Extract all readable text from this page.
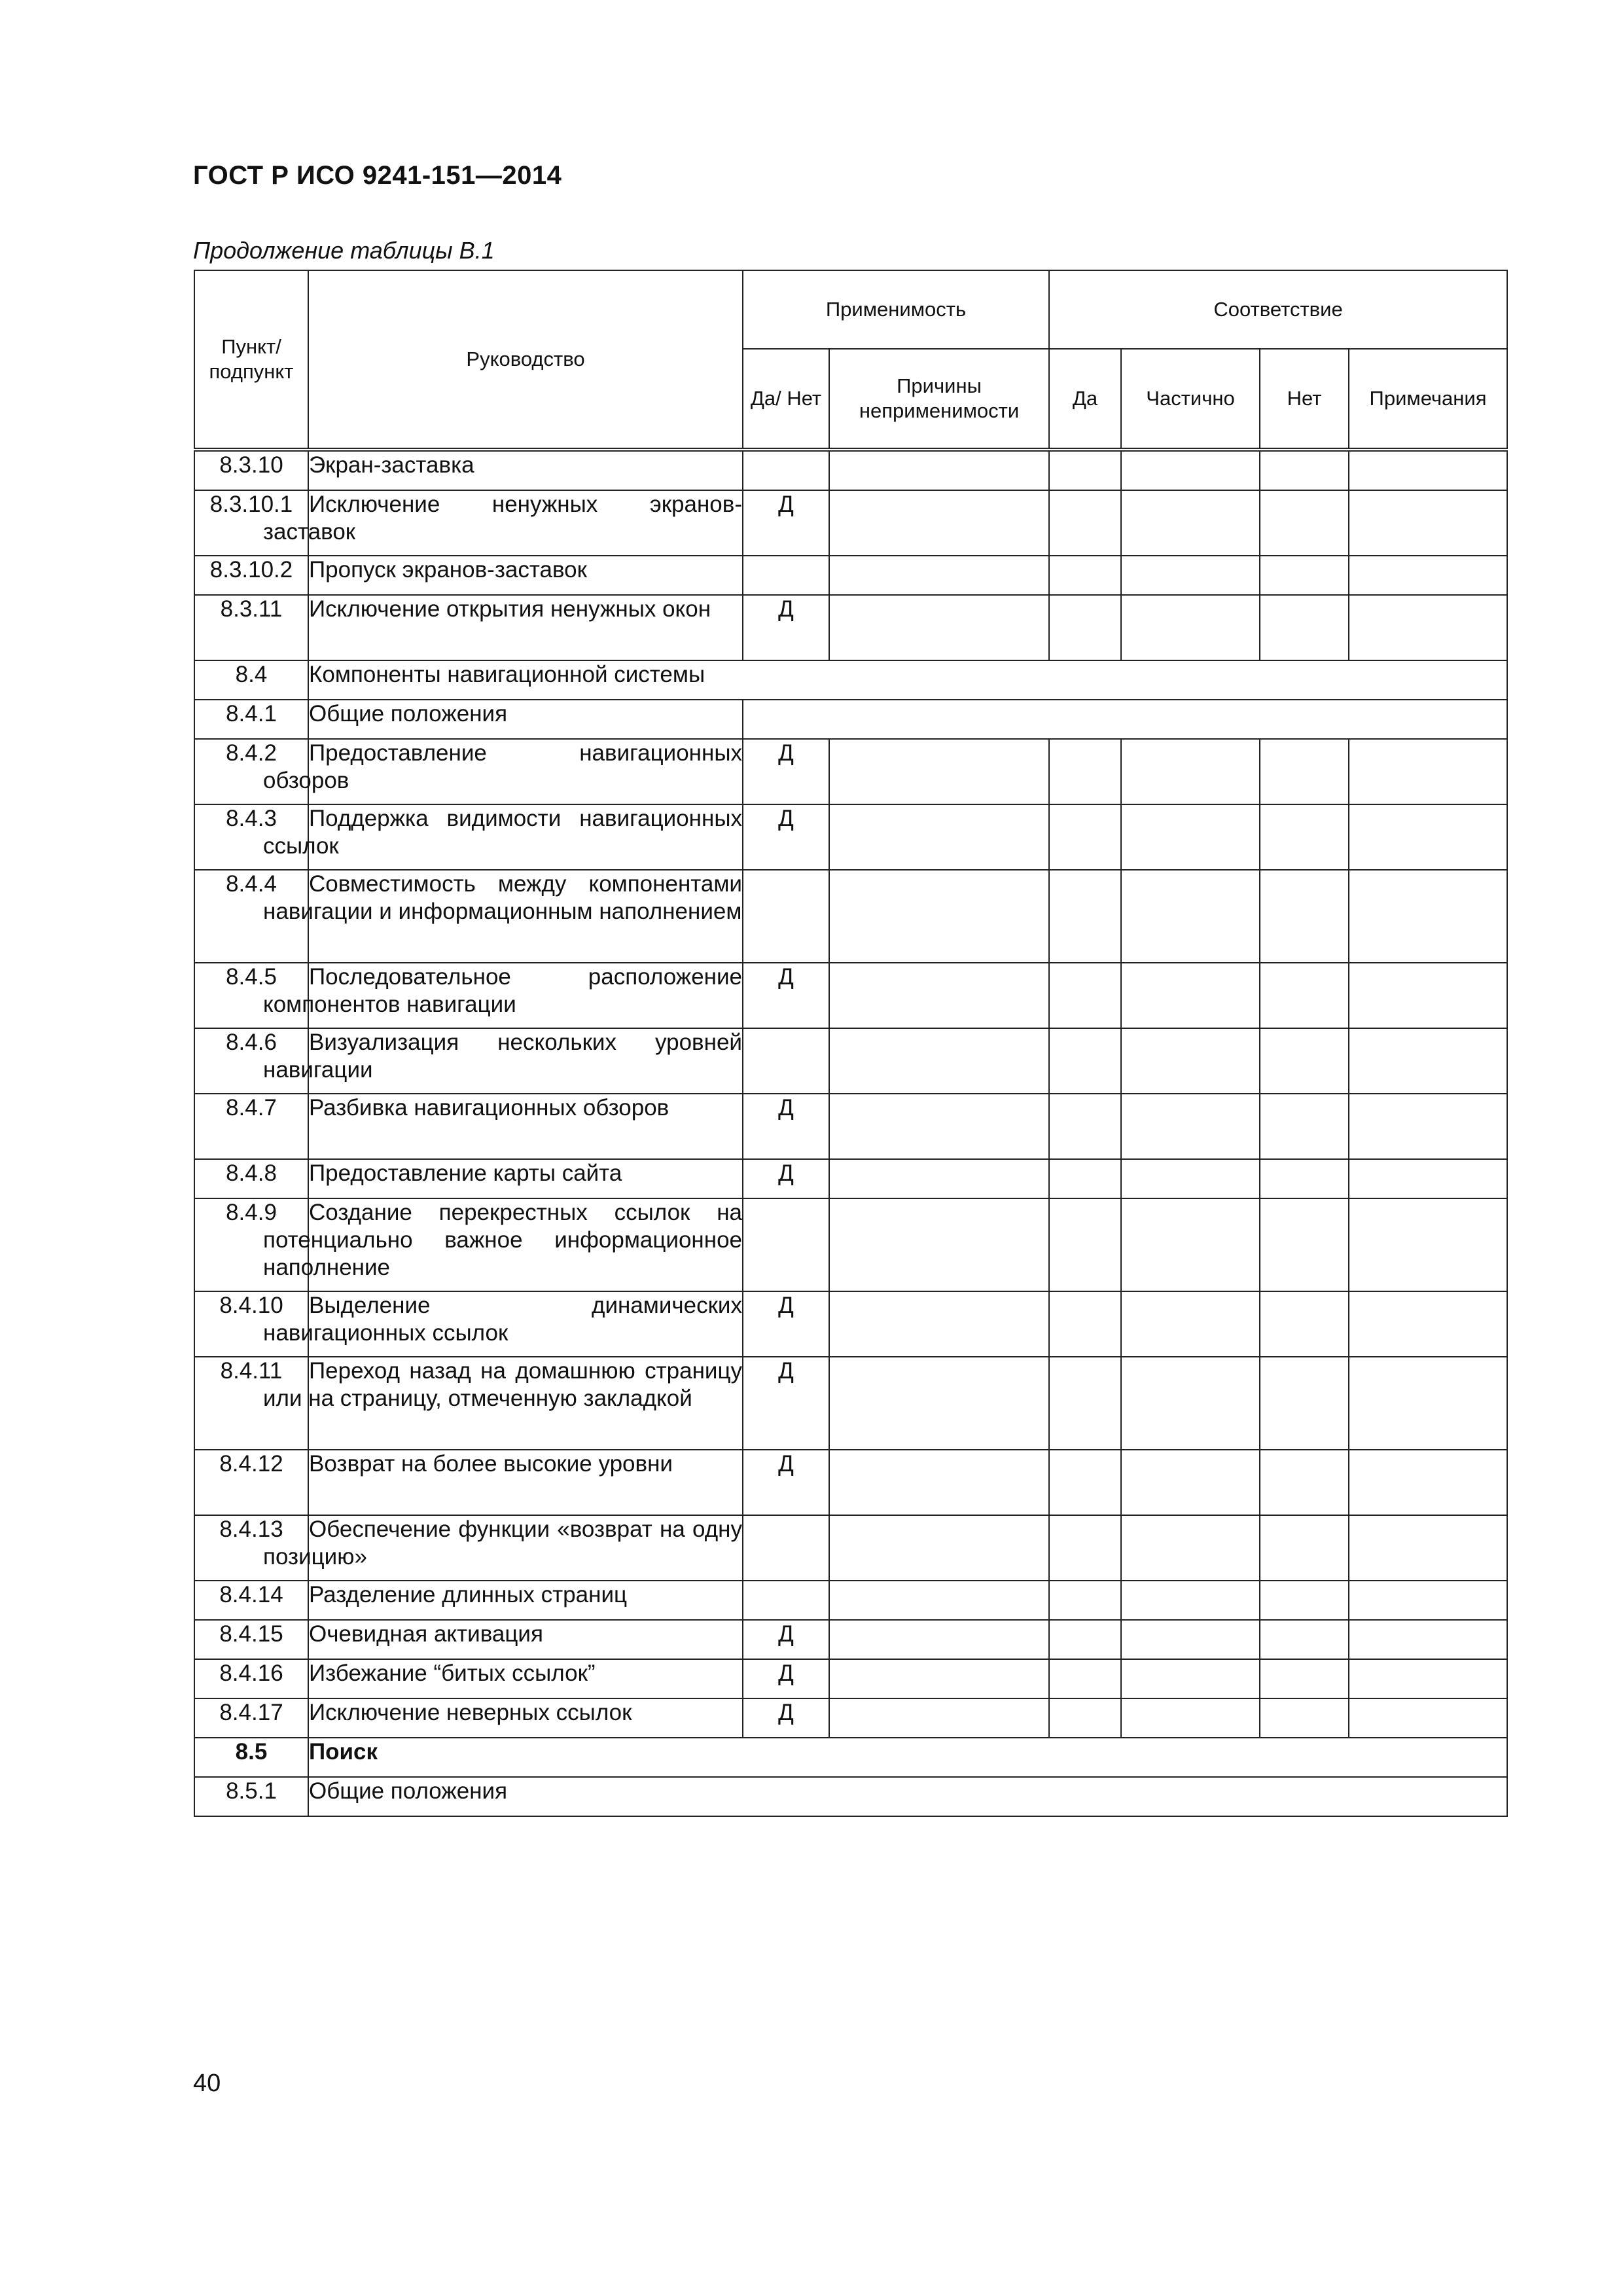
ГОСТ Р ИСО 9241-151—2014
Продолжение таблицы B.1
Пункт/ подпункт	Руководство	Применимость		Соответствие			
		Да/ Нет	Причины неприменимости	Да	Частично	Нет	Примечания
8.3.10	Экран-заставка						

8.3.10.1	Исключение ненужных экранов-заставок	Д					
8.3.10.2	Пропуск экранов-заставок						

8.3.11	Исключение открытия ненужных окон	Д					
8.4	Компоненты навигационной системы						

8.4.1	Общие положения						

8.4.2	Предоставление навигационных обзоров	Д					
8.4.3	Поддержка видимости навигационных ссылок	Д					
8.4.4	Совместимость между компонентами навигации и информационным наполнением						

8.4.5	Последовательное расположение компонентов навигации	Д					
8.4.6	Визуализация нескольких уровней навигации						

8.4.7	Разбивка навигационных обзоров	Д					
8.4.8	Предоставление карты сайта	Д					
8.4.9	Создание перекрестных ссылок на потенциально важное информационное наполнение						

8.4.10	Выделение динамических навигационных ссылок	Д					
8.4.11	Переход назад на домашнюю страницу или на страницу, отмеченную закладкой	Д					
8.4.12	Возврат на более высокие уровни	Д					
8.4.13	Обеспечение функции «возврат на одну позицию»						

8.4.14	Разделение длинных страниц						

8.4.15	Очевидная активация	Д					
8.4.16	Избежание “битых ссылок”	Д					
8.4.17	Исключение неверных ссылок	Д					
8.5	Поиск						

8.5.1	Общие положения						
40
